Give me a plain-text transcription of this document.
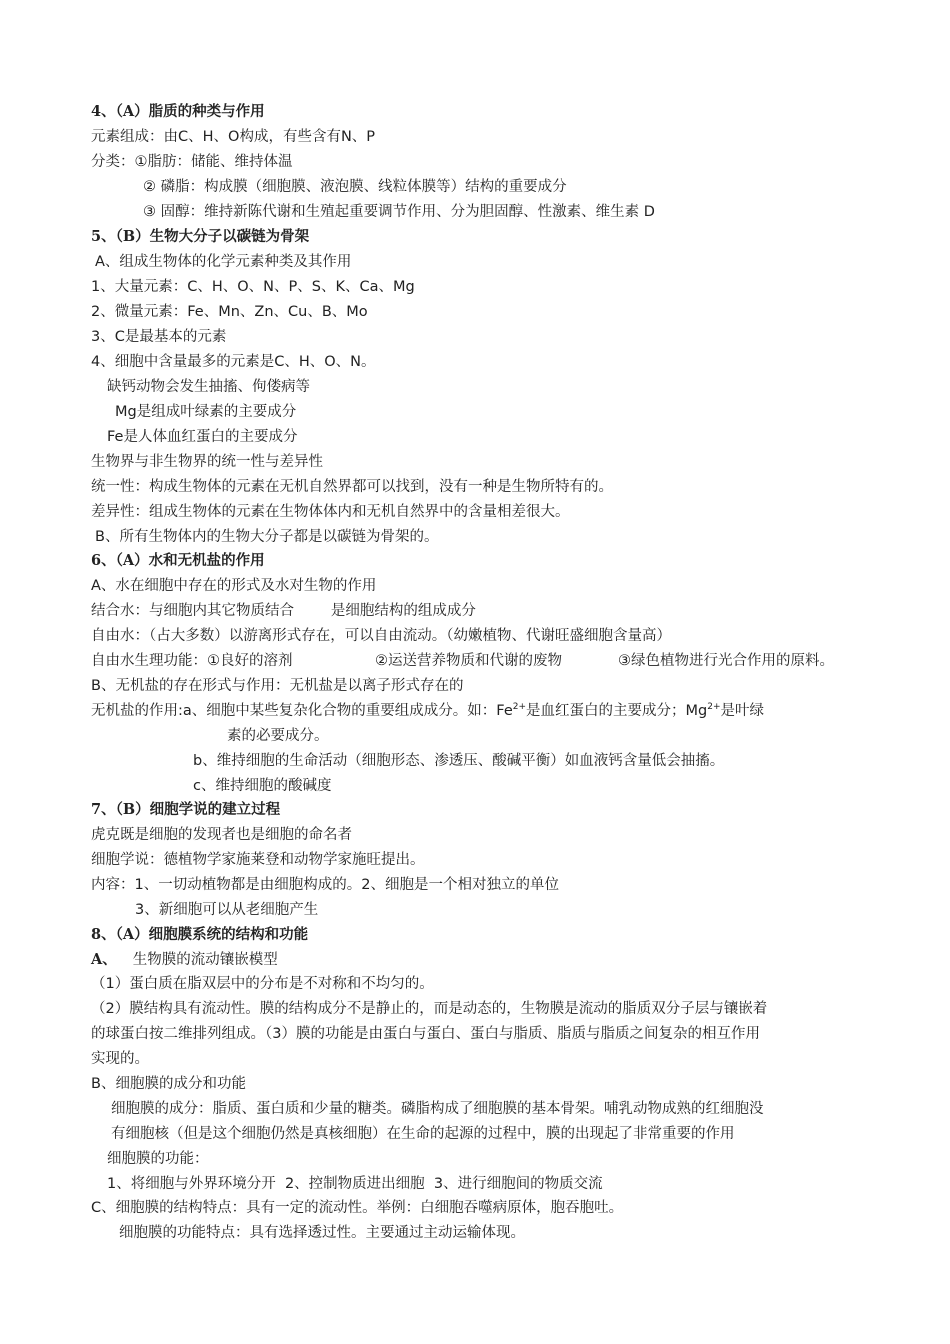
4、（A）脂质的种类与作用
元素组成：由C、H、O构成，有些含有N、P
分类：①脂肪：储能、维持体温
② 磷脂：构成膜（细胞膜、液泡膜、线粒体膜等）结构的重要成分
③ 固醇：维持新陈代谢和生殖起重要调节作用、分为胆固醇、性激素、维生素 D
5、（B）生物大分子以碳链为骨架
A、组成生物体的化学元素种类及其作用
1、大量元素：C、H、O、N、P、S、K、Ca、Mg
2、微量元素：Fe、Mn、Zn、Cu、B、Mo
3、C是最基本的元素
4、细胞中含量最多的元素是C、H、O、N。
缺钙动物会发生抽搐、佝偻病等
Mg是组成叶绿素的主要成分
Fe是人体血红蛋白的主要成分
生物界与非生物界的统一性与差异性
统一性：构成生物体的元素在无机自然界都可以找到，没有一种是生物所特有的。
差异性：组成生物体的元素在生物体体内和无机自然界中的含量相差很大。
B、所有生物体内的生物大分子都是以碳链为骨架的。
6、（A）水和无机盐的作用
A、水在细胞中存在的形式及水对生物的作用
结合水：与细胞内其它物质结合        是细胞结构的组成成分
自由水：（占大多数）以游离形式存在，可以自由流动。（幼嫩植物、代谢旺盛细胞含量高）
自由水生理功能：①良好的溶剂	②运送营养物质和代谢的废物	③绿色植物进行光合作用的原料。
B、无机盐的存在形式与作用：无机盐是以离子形式存在的
无机盐的作用:a、细胞中某些复杂化合物的重要组成成分。如：$Fe^{2+}$是血红蛋白的主要成分；$Mg^{2+}$是叶绿
素的必要成分。
b、维持细胞的生命活动（细胞形态、渗透压、酸碱平衡）如血液钙含量低会抽搐。
c、维持细胞的酸碱度
7、（B）细胞学说的建立过程
虎克既是细胞的发现者也是细胞的命名者
细胞学说：德植物学家施莱登和动物学家施旺提出。
内容：1、一切动植物都是由细胞构成的。2、细胞是一个相对独立的单位
3、新细胞可以从老细胞产生
8、（A）细胞膜系统的结构和功能
A、 生物膜的流动镶嵌模型
（1）蛋白质在脂双层中的分布是不对称和不均匀的。
（2）膜结构具有流动性。膜的结构成分不是静止的，而是动态的，生物膜是流动的脂质双分子层与镶嵌着
的球蛋白按二维排列组成。（3）膜的功能是由蛋白与蛋白、蛋白与脂质、脂质与脂质之间复杂的相互作用
实现的。
B、细胞膜的成分和功能
细胞膜的成分：脂质、蛋白质和少量的糖类。磷脂构成了细胞膜的基本骨架。哺乳动物成熟的红细胞没
有细胞核（但是这个细胞仍然是真核细胞）在生命的起源的过程中，膜的出现起了非常重要的作用
细胞膜的功能：
1、将细胞与外界环境分开  2、控制物质进出细胞  3、进行细胞间的物质交流
C、细胞膜的结构特点：具有一定的流动性。举例：白细胞吞噬病原体，胞吞胞吐。
细胞膜的功能特点：具有选择透过性。主要通过主动运输体现。
